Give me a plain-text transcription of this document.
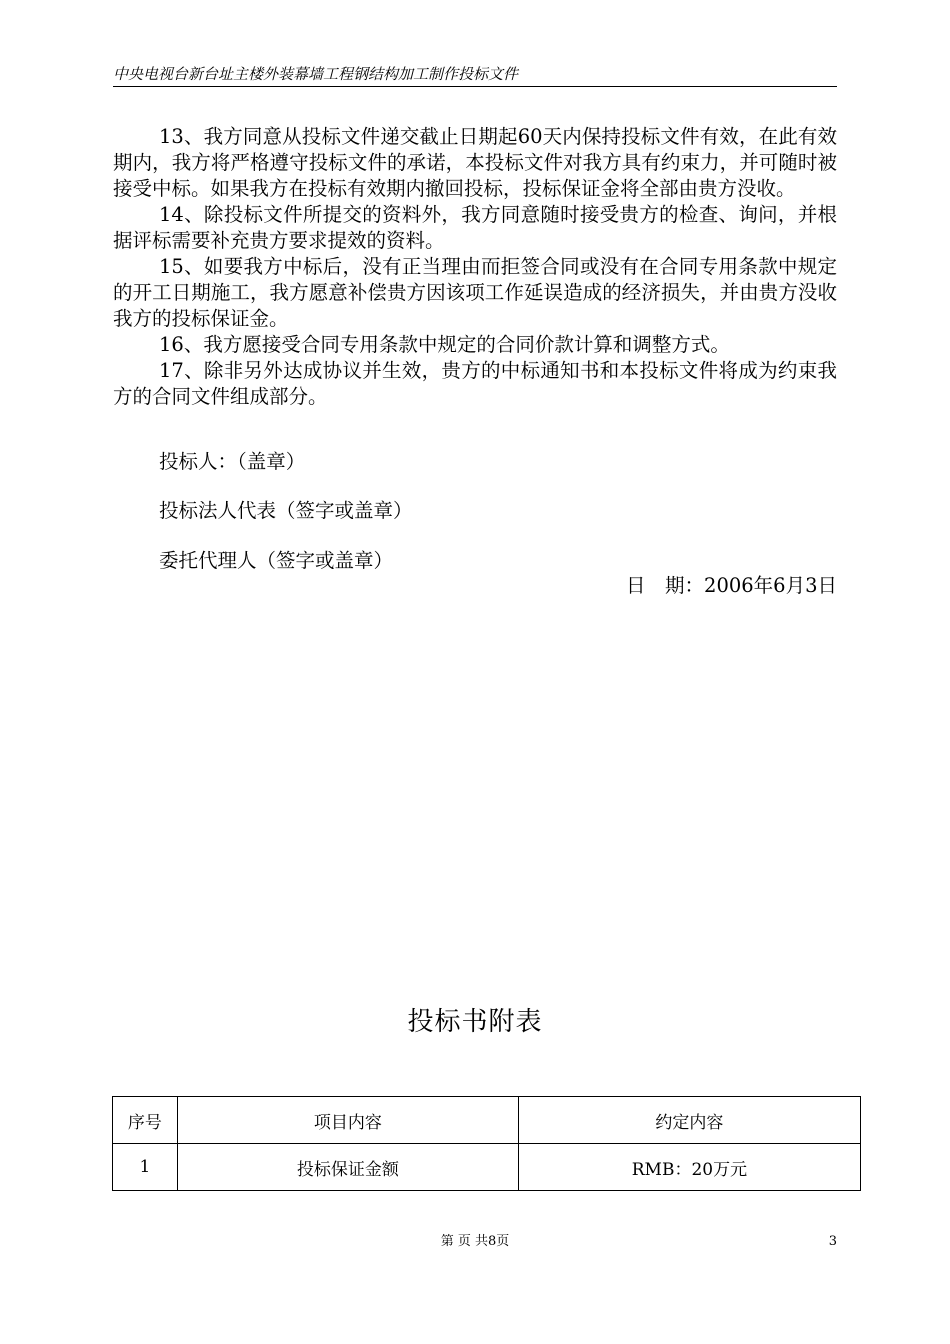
中央电视台新台址主楼外装幕墙工程钢结构加工制作投标文件

13、我方同意从投标文件递交截止日期起60天内保持投标文件有效，在此有效期内，我方将严格遵守投标文件的承诺，本投标文件对我方具有约束力，并可随时被接受中标。如果我方在投标有效期内撤回投标，投标保证金将全部由贵方没收。

14、除投标文件所提交的资料外，我方同意随时接受贵方的检查、询问，并根据评标需要补充贵方要求提效的资料。

15、如要我方中标后，没有正当理由而拒签合同或没有在合同专用条款中规定的开工日期施工，我方愿意补偿贵方因该项工作延误造成的经济损失，并由贵方没收我方的投标保证金。

16、我方愿接受合同专用条款中规定的合同价款计算和调整方式。

17、除非另外达成协议并生效，贵方的中标通知书和本投标文件将成为约束我方的合同文件组成部分。

投标人：（盖章）
投标法人代表（签字或盖章）
委托代理人（签字或盖章）
日　期：2006年6月3日
投标书附表
序号	项目内容	约定内容
1	投标保证金额	RMB：20万元
第 页 共8页	3
